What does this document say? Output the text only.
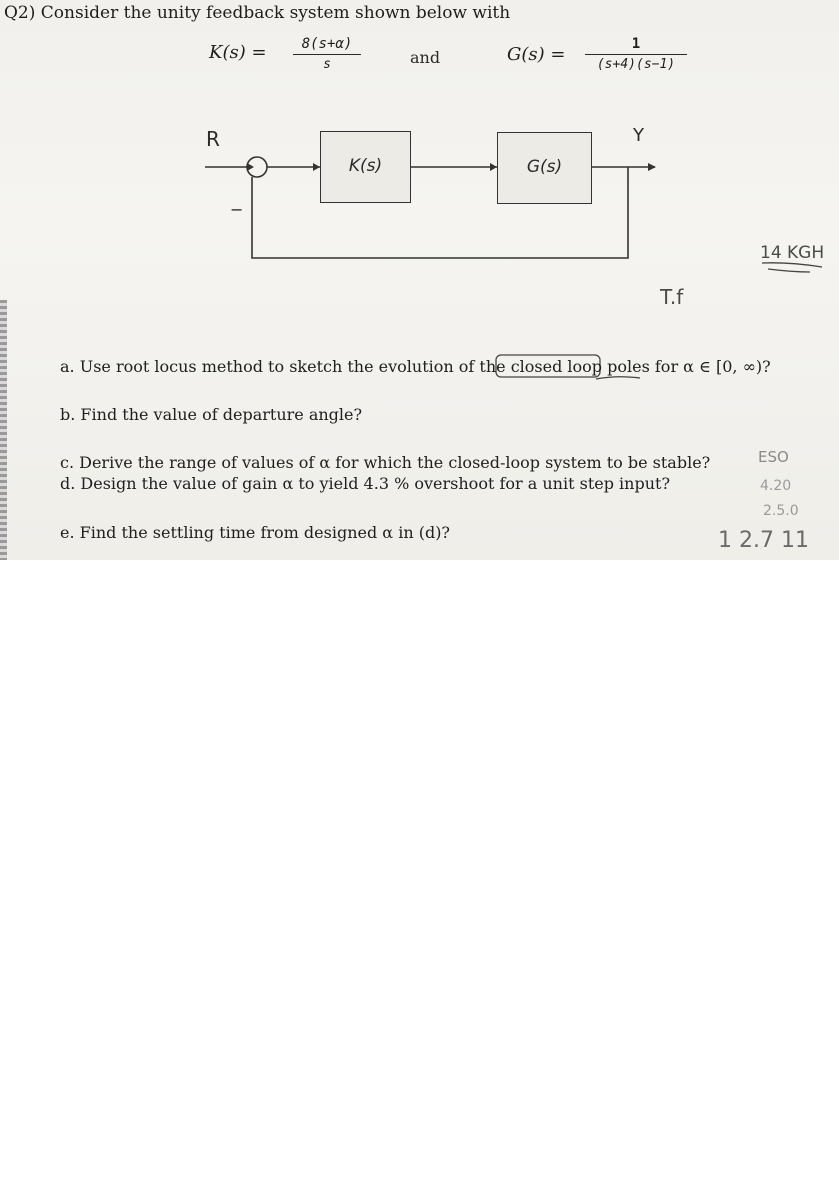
Q2) Consider the unity feedback system shown below with
K(s) =	8(s+α)
s	and	G(s) =	1
(s+4)(s−1)
K(s)	G(s)
R	Y
−
14 KGH
T.f
ESO
4.20
2.5.0
1 2.7 11
a. Use root locus method to sketch the evolution of the closed loop poles for α ∈ [0, ∞)?
b. Find the value of departure angle?
c. Derive the range of values of α for which the closed-loop system to be stable?
d. Design the value of gain α to yield 4.3 % overshoot for a unit step input?
e. Find the settling time from designed α in (d)?
